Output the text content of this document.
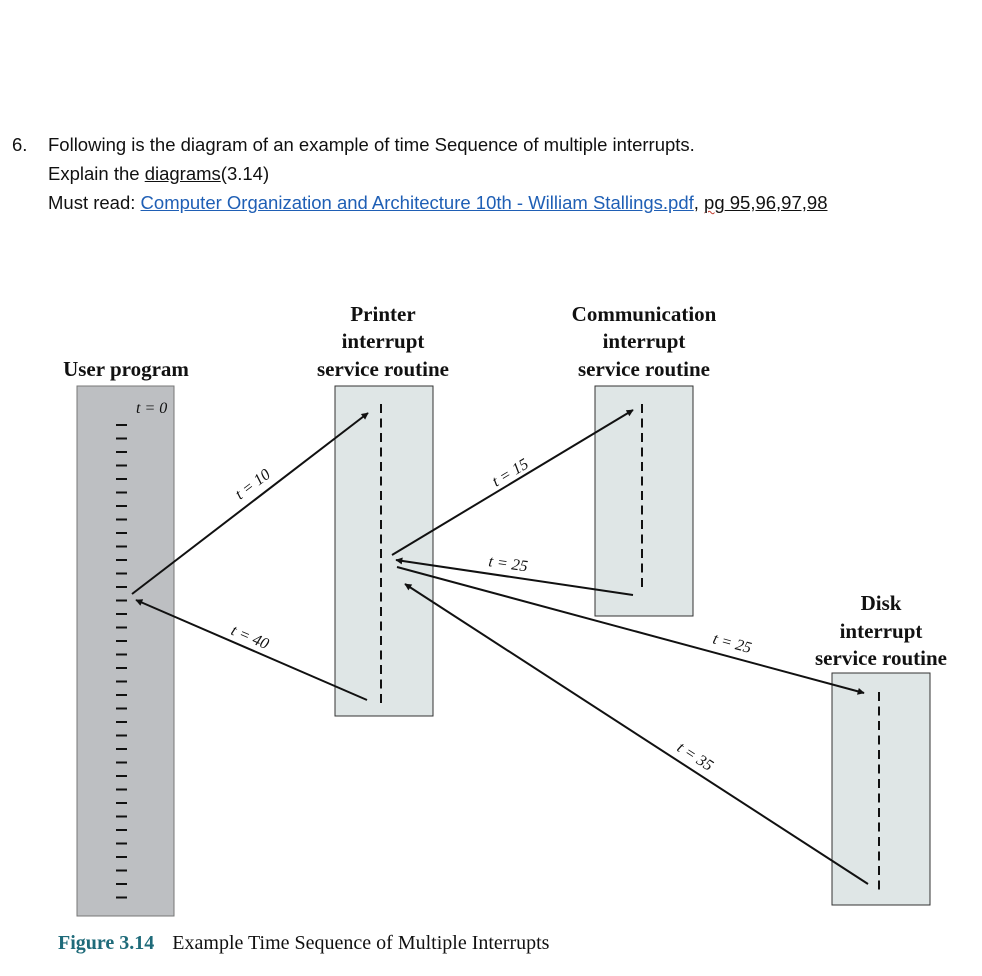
6. Following is the diagram of an example of time Sequence of multiple interrupts.
Explain the diagrams(3.14)
Must read: Computer Organization and Architecture 10th - William Stallings.pdf, pg 95,96,97,98
User program
Printer
interrupt
service routine
Communication
interrupt
service routine
Disk
interrupt
service routine
t = 0
t = 10	t = 15
t = 25
t = 25
t = 35
t = 40
Figure 3.14 Example Time Sequence of Multiple Interrupts
